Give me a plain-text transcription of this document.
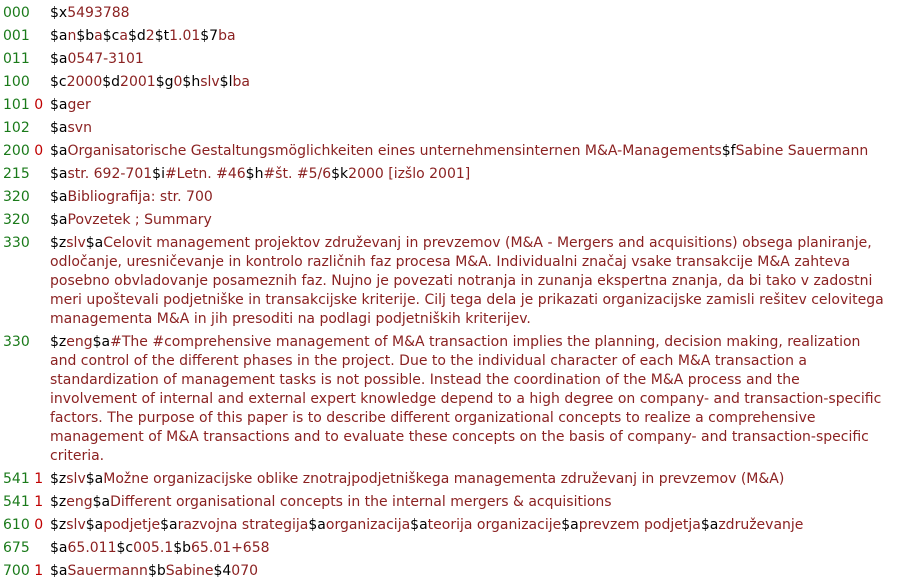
000	$x5493788
001	$an$ba$ca$d2$t1.01$7ba
011	$a0547-3101
100	$c2000$d2001$g0$hslv$lba
101 0 $ager
102	$asvn
200 0 $aOrganisatorische Gestaltungsmöglichkeiten eines unternehmensinternen M&A-Managements$fSabine Sauermann
215	$astr. 692-701$i#Letn. #46$h#št. #5/6$k2000 [izšlo 2001]
320	$aBibliografija: str. 700
320	$aPovzetek ; Summary
330	$zslv$aCelovit management projektov združevanj in prevzemov (M&A - Mergers and acquisitions) obsega planiranje, odločanje, uresničevanje in kontrolo različnih faz procesa M&A. Individualni značaj vsake transakcije M&A zahteva posebno obvladovanje posameznih faz. Nujno je povezati notranja in zunanja ekspertna znanja, da bi tako v zadostni meri upoštevali podjetniške in transakcijske kriterije. Cilj tega dela je prikazati organizacijske zamisli rešitev celovitega managementa M&A in jih presoditi na podlagi podjetniških kriterijev.
330	$zeng$a#The #comprehensive management of M&A transaction implies the planning, decision making, realization and control of the different phases in the project. Due to the individual character of each M&A transaction a standardization of management tasks is not possible. Instead the coordination of the M&A process and the involvement of internal and external expert knowledge depend to a high degree on company- and transaction-specific factors. The purpose of this paper is to describe different organizational concepts to realize a comprehensive management of M&A transactions and to evaluate these concepts on the basis of company- and transaction-specific criteria.
541 1 $zslv$aMožne organizacijske oblike znotrajpodjetniškega managementa združevanj in prevzemov (M&A)
541 1 $zeng$aDifferent organisational concepts in the internal mergers & acquisitions
610 0 $zslv$apodjetje$arazvojna strategija$aorganizacija$ateorija organizacije$aprevzem podjetja$azdruževanje
675	$a65.011$c005.1$b65.01+658
700 1 $aSauermann$bSabine$4070
